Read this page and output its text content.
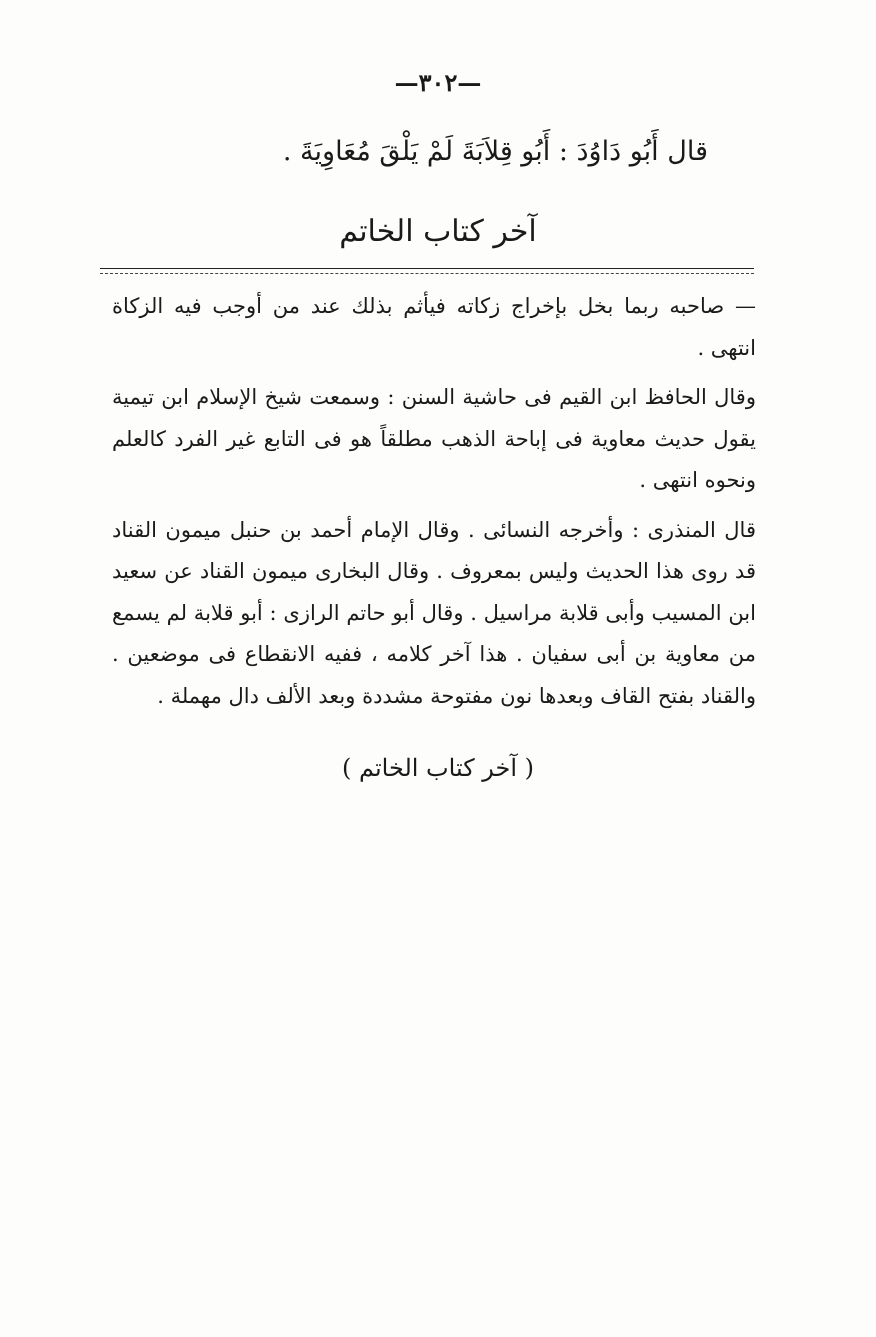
—٣٠٢—
قال أَبُو دَاوُدَ : أَبُو قِلاَبَةَ لَمْ يَلْقَ مُعَاوِيَةَ .
آخر كتاب الخاتم

— صاحبه ربما بخل بإخراج زكاته فيأثم بذلك عند من أوجب فيه الزكاة انتهى .

وقال الحافظ ابن القيم فى حاشية السنن : وسمعت شيخ الإسلام ابن تيمية يقول حديث معاوية فى إباحة الذهب مطلقاً هو فى التابع غير الفرد كالعلم ونحوه انتهى .

قال المنذرى : وأخرجه النسائى . وقال الإمام أحمد بن حنبل ميمون القناد قد روى هذا الحديث وليس بمعروف . وقال البخارى ميمون القناد عن سعيد ابن المسيب وأبى قلابة مراسيل . وقال أبو حاتم الرازى : أبو قلابة لم يسمع من معاوية بن أبى سفيان . هذا آخر كلامه ، ففيه الانقطاع فى موضعين . والقناد بفتح القاف وبعدها نون مفتوحة مشددة وبعد الألف دال مهملة .

( آخر كتاب الخاتم )
